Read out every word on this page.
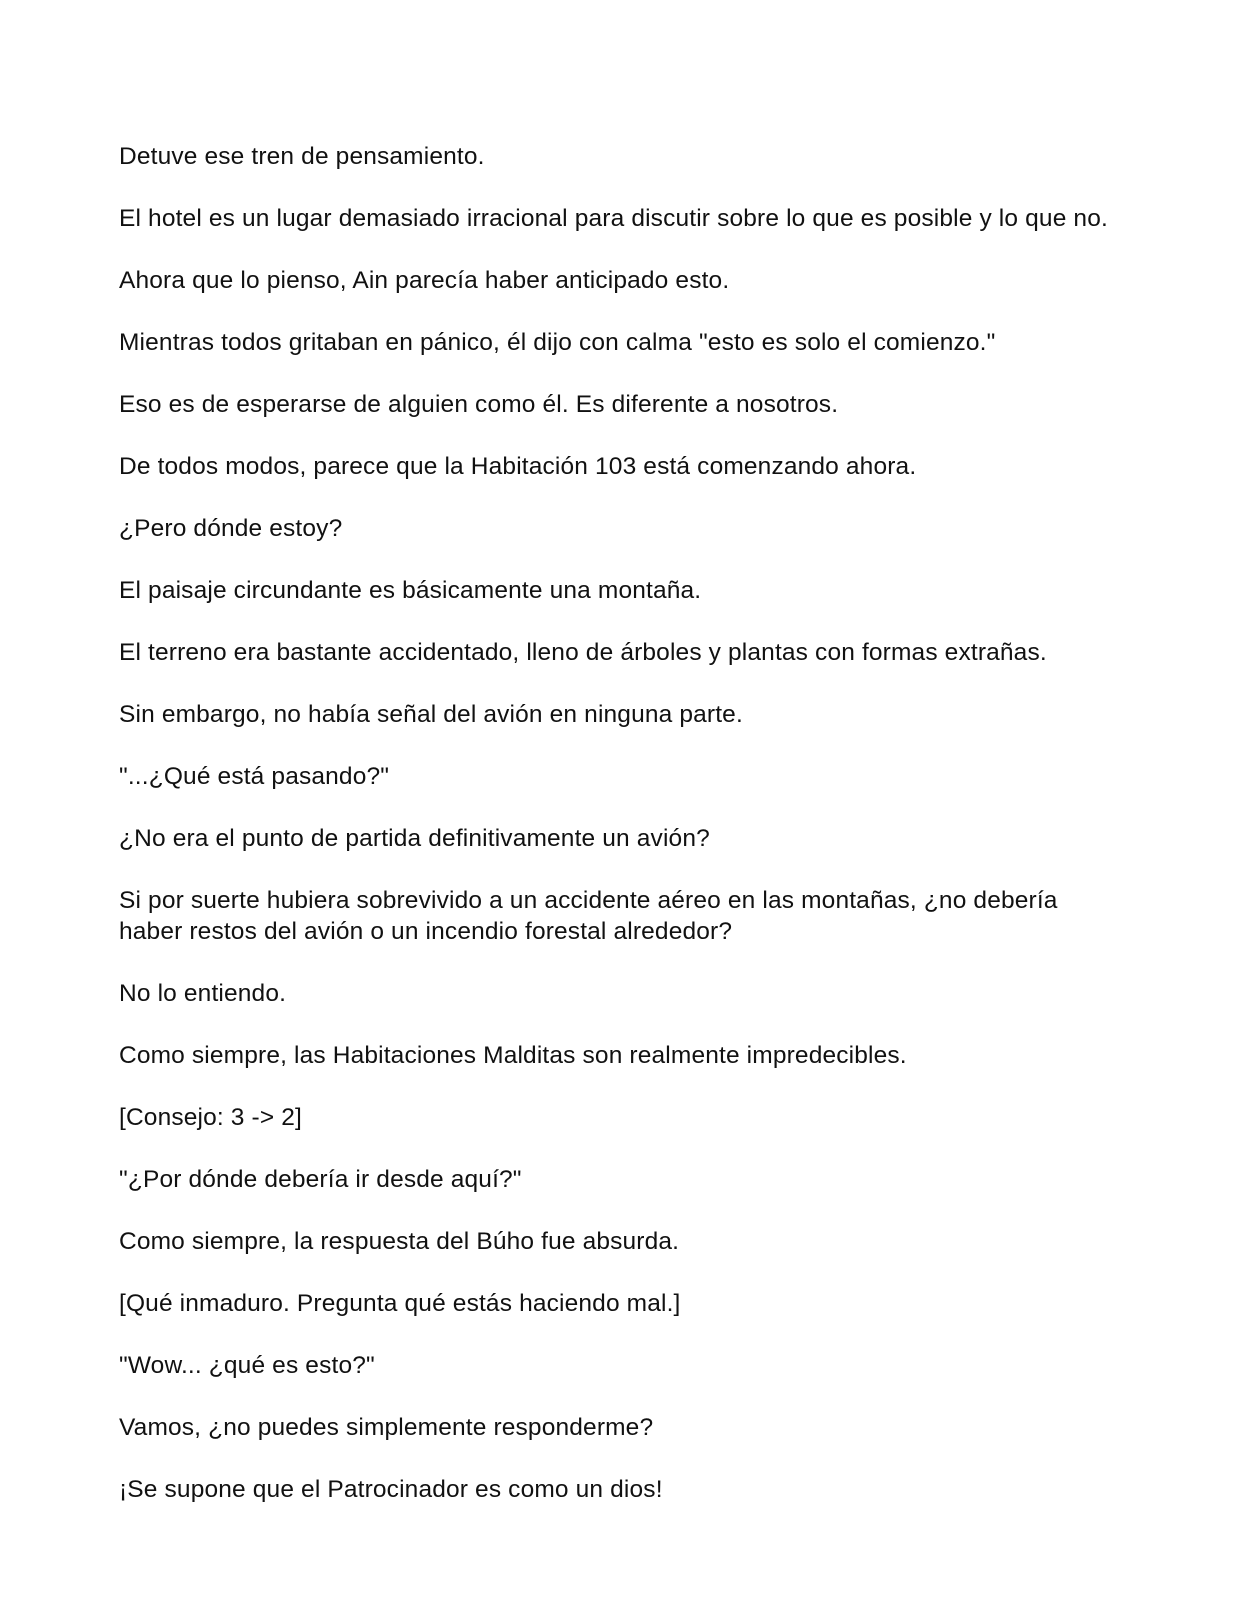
Detuve ese tren de pensamiento.

El hotel es un lugar demasiado irracional para discutir sobre lo que es posible y lo que no.

Ahora que lo pienso, Ain parecía haber anticipado esto.

Mientras todos gritaban en pánico, él dijo con calma "esto es solo el comienzo."

Eso es de esperarse de alguien como él. Es diferente a nosotros.

De todos modos, parece que la Habitación 103 está comenzando ahora.

¿Pero dónde estoy?

El paisaje circundante es básicamente una montaña.

El terreno era bastante accidentado, lleno de árboles y plantas con formas extrañas.

Sin embargo, no había señal del avión en ninguna parte.

"...¿Qué está pasando?"

¿No era el punto de partida definitivamente un avión?

Si por suerte hubiera sobrevivido a un accidente aéreo en las montañas, ¿no debería haber restos del avión o un incendio forestal alrededor?

No lo entiendo.

Como siempre, las Habitaciones Malditas son realmente impredecibles.

[Consejo: 3 -> 2]

"¿Por dónde debería ir desde aquí?"

Como siempre, la respuesta del Búho fue absurda.

[Qué inmaduro. Pregunta qué estás haciendo mal.]

"Wow... ¿qué es esto?"

Vamos, ¿no puedes simplemente responderme?

¡Se supone que el Patrocinador es como un dios!
